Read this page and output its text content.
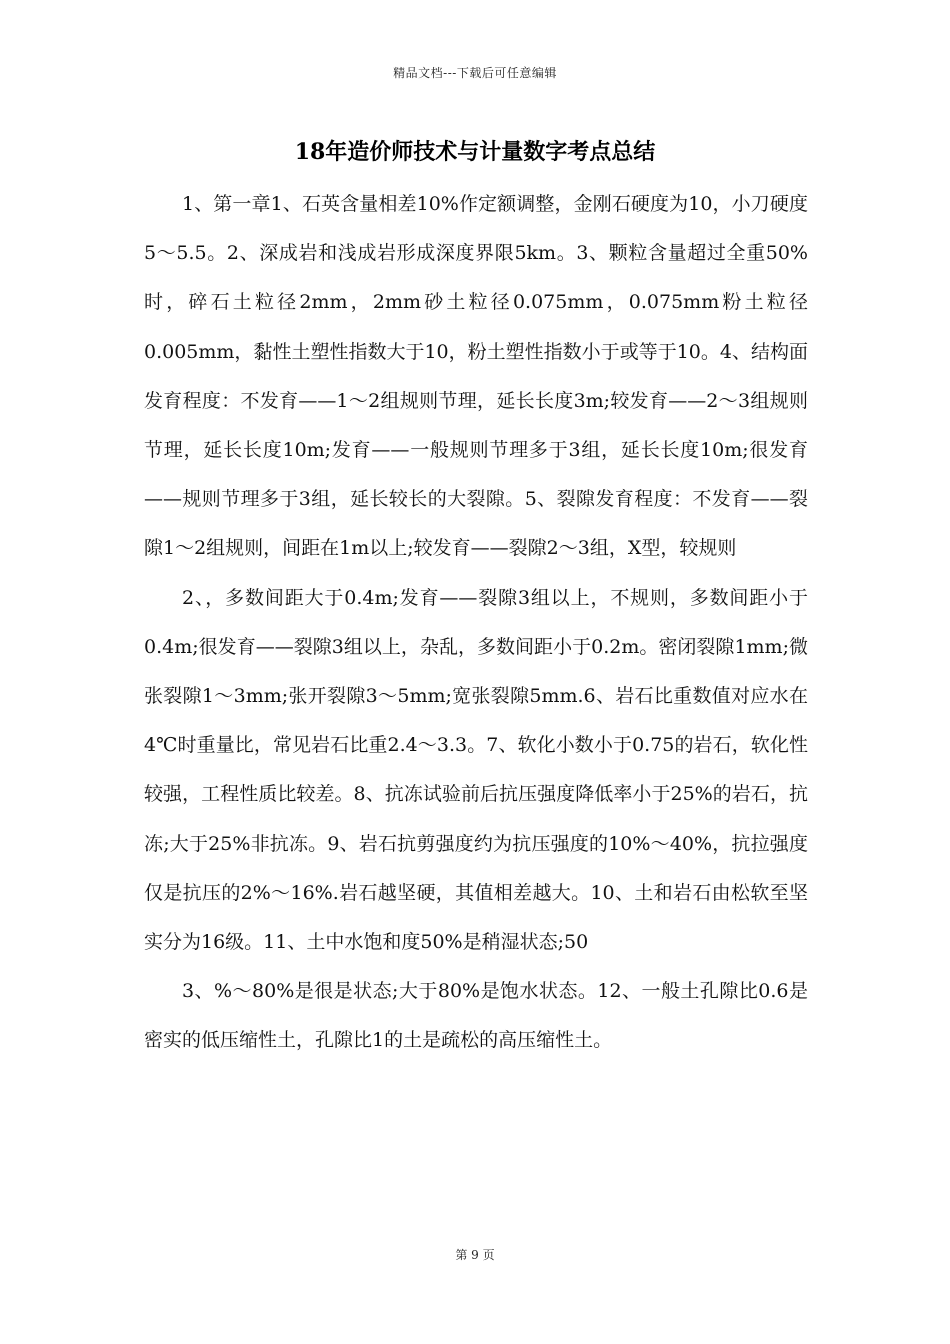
精品文档---下载后可任意编辑
18年造价师技术与计量数字考点总结

1、第一章1、石英含量相差10%作定额调整，金刚石硬度为10，小刀硬度5～5.5。2、深成岩和浅成岩形成深度界限5km。3、颗粒含量超过全重50%时，碎石土粒径2mm，2mm砂土粒径0.075mm，0.075mm粉土粒径0.005mm，黏性土塑性指数大于10，粉土塑性指数小于或等于10。4、结构面发育程度：不发育——1～2组规则节理，延长长度3m;较发育——2～3组规则节理，延长长度10m;发育——一般规则节理多于3组，延长长度10m;很发育——规则节理多于3组，延长较长的大裂隙。5、裂隙发育程度：不发育——裂隙1～2组规则，间距在1m以上;较发育——裂隙2～3组，X型，较规则

2、，多数间距大于0.4m;发育——裂隙3组以上，不规则，多数间距小于0.4m;很发育——裂隙3组以上，杂乱，多数间距小于0.2m。密闭裂隙1mm;微张裂隙1～3mm;张开裂隙3～5mm;宽张裂隙5mm.6、岩石比重数值对应水在4℃时重量比，常见岩石比重2.4～3.3。7、软化小数小于0.75的岩石，软化性较强，工程性质比较差。8、抗冻试验前后抗压强度降低率小于25%的岩石，抗冻;大于25%非抗冻。9、岩石抗剪强度约为抗压强度的10%～40%，抗拉强度仅是抗压的2%～16%.岩石越坚硬，其值相差越大。10、土和岩石由松软至坚实分为16级。11、土中水饱和度50%是稍湿状态;50

3、%～80%是很是状态;大于80%是饱水状态。12、一般土孔隙比0.6是密实的低压缩性土，孔隙比1的土是疏松的高压缩性土。

第 9 页
